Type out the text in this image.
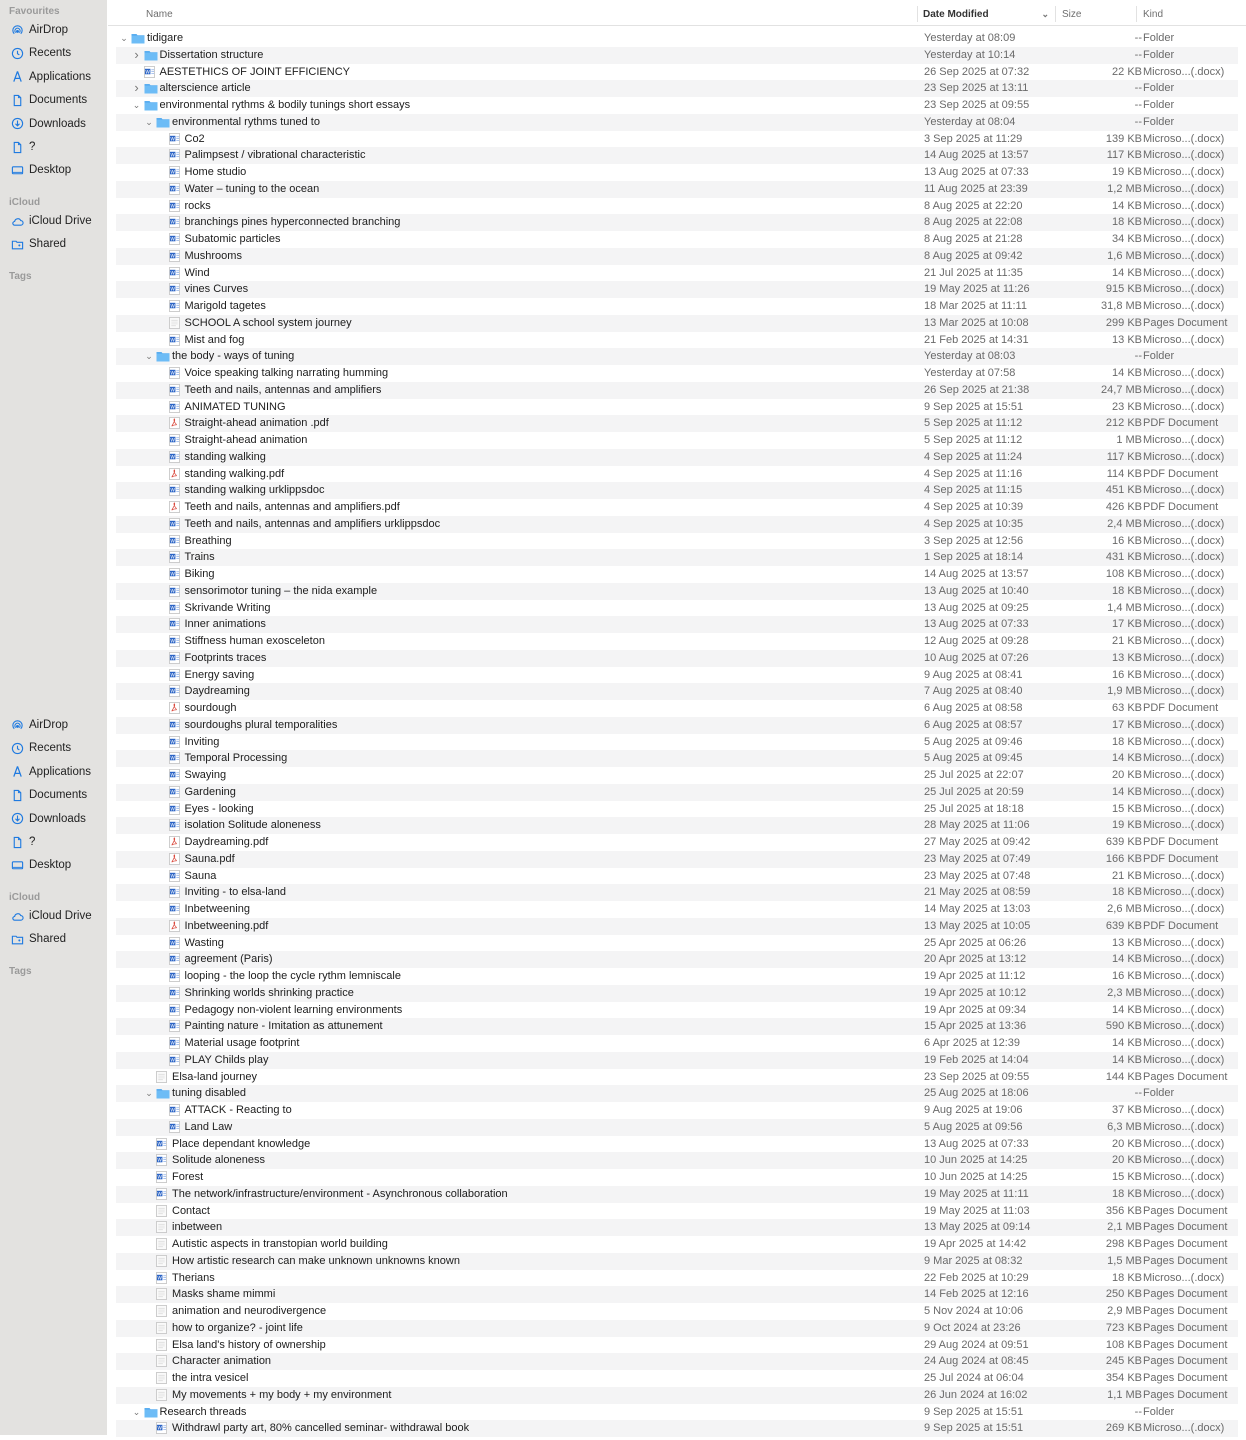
Favourites
AirDrop
Recents
Applications
Documents
Downloads
?
Desktop
iCloud
iCloud Drive
Shared
Tags
AirDrop
Recents
Applications
Documents
Downloads
?
Desktop
iCloud
iCloud Drive
Shared
Tags
Name	Date Modified	⌄ Size	Kind
⌄ tidigare	Yesterday at 08:09	-- Folder
›	Dissertation structure	Yesterday at 10:14	-- Folder
W AESTETHICS OF JOINT EFFICIENCY	26 Sep 2025 at 07:32	22 KB Microso...(.docx)
›	alterscience article	23 Sep 2025 at 13:11	-- Folder
⌄ environmental rythms & bodily tunings short essays	23 Sep 2025 at 09:55	-- Folder
⌄ environmental rythms tuned to	Yesterday at 08:04	-- Folder
W Co2	3 Sep 2025 at 11:29	139 KB Microso...(.docx)
W Palimpsest / vibrational characteristic	14 Aug 2025 at 13:57	117 KB Microso...(.docx)
W Home studio	13 Aug 2025 at 07:33	19 KB Microso...(.docx)
W Water – tuning to the ocean	11 Aug 2025 at 23:39	1,2 MB Microso...(.docx)
W rocks	8 Aug 2025 at 22:20	14 KB Microso...(.docx)
W branchings pines hyperconnected branching	8 Aug 2025 at 22:08	18 KB Microso...(.docx)
W Subatomic particles	8 Aug 2025 at 21:28	34 KB Microso...(.docx)
W Mushrooms	8 Aug 2025 at 09:42	1,6 MB Microso...(.docx)
W Wind	21 Jul 2025 at 11:35	14 KB Microso...(.docx)
W vines Curves	19 May 2025 at 11:26	915 KB Microso...(.docx)
W Marigold tagetes	18 Mar 2025 at 11:11	31,8 MB Microso...(.docx)
SCHOOL A school system journey	13 Mar 2025 at 10:08	299 KB Pages Document
W Mist and fog	21 Feb 2025 at 14:31	13 KB Microso...(.docx)
⌄ the body - ways of tuning	Yesterday at 08:03	-- Folder
W Voice speaking talking narrating humming	Yesterday at 07:58	14 KB Microso...(.docx)
W Teeth and nails, antennas and amplifiers	26 Sep 2025 at 21:38	24,7 MB Microso...(.docx)
W ANIMATED TUNING	9 Sep 2025 at 15:51	23 KB Microso...(.docx)
Straight-ahead animation .pdf	5 Sep 2025 at 11:12	212 KB PDF Document
W Straight-ahead animation	5 Sep 2025 at 11:12	1 MB Microso...(.docx)
W standing walking	4 Sep 2025 at 11:24	117 KB Microso...(.docx)
standing walking.pdf	4 Sep 2025 at 11:16	114 KB PDF Document
W standing walking urklippsdoc	4 Sep 2025 at 11:15	451 KB Microso...(.docx)
Teeth and nails, antennas and amplifiers.pdf	4 Sep 2025 at 10:39	426 KB PDF Document
W Teeth and nails, antennas and amplifiers urklippsdoc	4 Sep 2025 at 10:35	2,4 MB Microso...(.docx)
W Breathing	3 Sep 2025 at 12:56	16 KB Microso...(.docx)
W Trains	1 Sep 2025 at 18:14	431 KB Microso...(.docx)
W Biking	14 Aug 2025 at 13:57	108 KB Microso...(.docx)
W sensorimotor tuning – the nida example	13 Aug 2025 at 10:40	18 KB Microso...(.docx)
W Skrivande Writing	13 Aug 2025 at 09:25	1,4 MB Microso...(.docx)
W Inner animations	13 Aug 2025 at 07:33	17 KB Microso...(.docx)
W Stiffness human exosceleton	12 Aug 2025 at 09:28	21 KB Microso...(.docx)
W Footprints traces	10 Aug 2025 at 07:26	13 KB Microso...(.docx)
W Energy saving	9 Aug 2025 at 08:41	16 KB Microso...(.docx)
W Daydreaming	7 Aug 2025 at 08:40	1,9 MB Microso...(.docx)
sourdough	6 Aug 2025 at 08:58	63 KB PDF Document
W sourdoughs plural temporalities	6 Aug 2025 at 08:57	17 KB Microso...(.docx)
W Inviting	5 Aug 2025 at 09:46	18 KB Microso...(.docx)
W Temporal Processing	5 Aug 2025 at 09:45	14 KB Microso...(.docx)
W Swaying	25 Jul 2025 at 22:07	20 KB Microso...(.docx)
W Gardening	25 Jul 2025 at 20:59	14 KB Microso...(.docx)
W Eyes - looking	25 Jul 2025 at 18:18	15 KB Microso...(.docx)
W isolation Solitude aloneness	28 May 2025 at 11:06	19 KB Microso...(.docx)
Daydreaming.pdf	27 May 2025 at 09:42	639 KB PDF Document
Sauna.pdf	23 May 2025 at 07:49	166 KB PDF Document
W Sauna	23 May 2025 at 07:48	21 KB Microso...(.docx)
W Inviting - to elsa-land	21 May 2025 at 08:59	18 KB Microso...(.docx)
W Inbetweening	14 May 2025 at 13:03	2,6 MB Microso...(.docx)
Inbetweening.pdf	13 May 2025 at 10:05	639 KB PDF Document
W Wasting	25 Apr 2025 at 06:26	13 KB Microso...(.docx)
W agreement (Paris)	20 Apr 2025 at 13:12	14 KB Microso...(.docx)
W looping - the loop the cycle rythm lemniscale	19 Apr 2025 at 11:12	16 KB Microso...(.docx)
W Shrinking worlds shrinking practice	19 Apr 2025 at 10:12	2,3 MB Microso...(.docx)
W Pedagogy non-violent learning environments	19 Apr 2025 at 09:34	14 KB Microso...(.docx)
W Painting nature - Imitation as attunement	15 Apr 2025 at 13:36	590 KB Microso...(.docx)
W Material usage footprint	6 Apr 2025 at 12:39	14 KB Microso...(.docx)
W PLAY Childs play	19 Feb 2025 at 14:04	14 KB Microso...(.docx)
Elsa-land journey	23 Sep 2025 at 09:55	144 KB Pages Document
⌄ tuning disabled	25 Aug 2025 at 18:06	-- Folder
W ATTACK - Reacting to	9 Aug 2025 at 19:06	37 KB Microso...(.docx)
W Land Law	5 Aug 2025 at 09:56	6,3 MB Microso...(.docx)
W Place dependant knowledge	13 Aug 2025 at 07:33	20 KB Microso...(.docx)
W Solitude aloneness	10 Jun 2025 at 14:25	20 KB Microso...(.docx)
W Forest	10 Jun 2025 at 14:25	15 KB Microso...(.docx)
W The network/infrastructure/environment - Asynchronous collaboration	19 May 2025 at 11:11	18 KB Microso...(.docx)
Contact	19 May 2025 at 11:03	356 KB Pages Document
inbetween	13 May 2025 at 09:14	2,1 MB Pages Document
Autistic aspects in transtopian world building	19 Apr 2025 at 14:42	298 KB Pages Document
How artistic research can make unknown unknowns known	9 Mar 2025 at 08:32	1,5 MB Pages Document
W Therians	22 Feb 2025 at 10:29	18 KB Microso...(.docx)
Masks shame mimmi	14 Feb 2025 at 12:16	250 KB Pages Document
animation and neurodivergence	5 Nov 2024 at 10:06	2,9 MB Pages Document
how to organize? - joint life	9 Oct 2024 at 23:26	723 KB Pages Document
Elsa land's history of ownership	29 Aug 2024 at 09:51	108 KB Pages Document
Character animation	24 Aug 2024 at 08:45	245 KB Pages Document
the intra vesicel	25 Jul 2024 at 06:04	354 KB Pages Document
My movements + my body + my environment	26 Jun 2024 at 16:02	1,1 MB Pages Document
⌄ Research threads	9 Sep 2025 at 15:51	-- Folder
W Withdrawl party art, 80% cancelled seminar- withdrawal book	9 Sep 2025 at 15:51	269 KB Microso...(.docx)
